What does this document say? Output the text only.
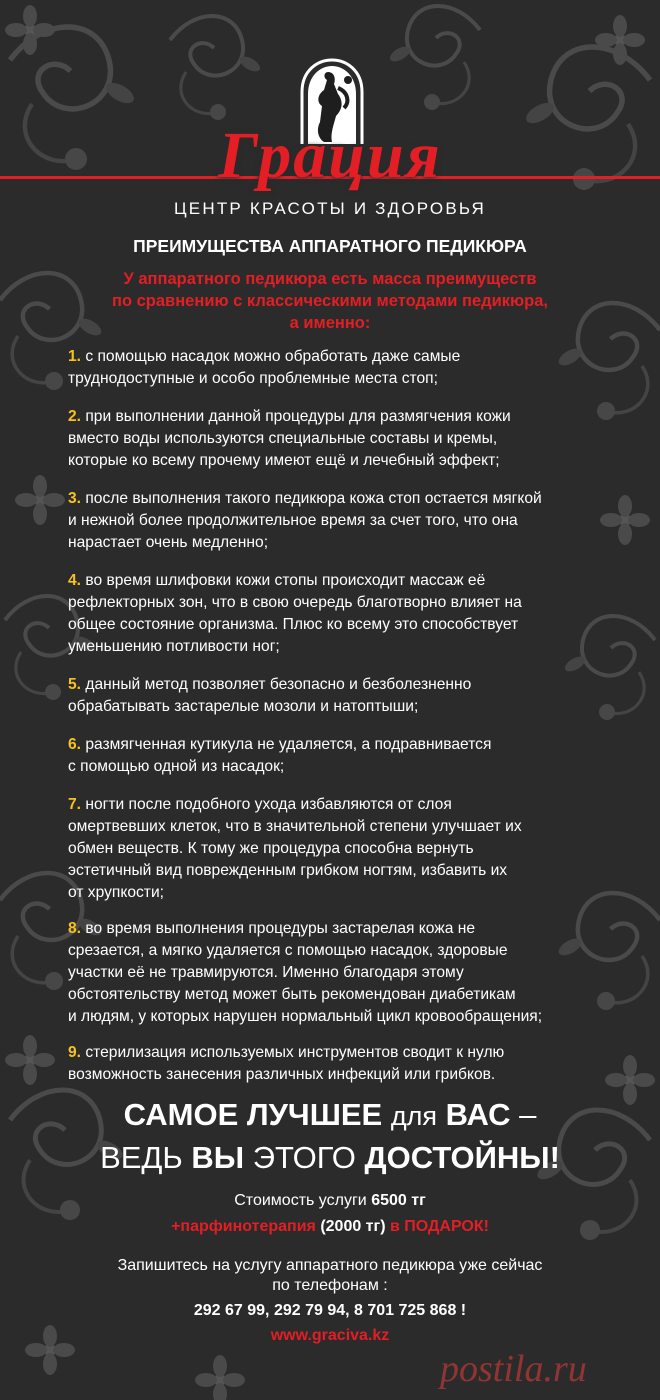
Грация
ЦЕНТР КРАСОТЫ И ЗДОРОВЬЯ
ПРЕИМУЩЕСТВА АППАРАТНОГО ПЕДИКЮРА
У аппаратного педикюра есть масса преимуществ
по сравнению с классическими методами педикюра,
а именно:
1. с помощью насадок можно обработать даже самые
труднодоступные и особо проблемные места стоп;
2. при выполнении данной процедуры для размягчения кожи
вместо воды используются специальные составы и кремы,
которые ко всему прочему имеют ещё и лечебный эффект;
3. после выполнения такого педикюра кожа стоп остается мягкой
и нежной более продолжительное время за счет того, что она
нарастает очень медленно;
4. во время шлифовки кожи стопы происходит массаж её
рефлекторных зон, что в свою очередь благотворно влияет на
общее состояние организма. Плюс ко всему это способствует
уменьшению потливости ног;
5. данный метод позволяет безопасно и безболезненно
обрабатывать застарелые мозоли и натоптыши;
6. размягченная кутикула не удаляется, а подравнивается
с помощью одной из насадок;
7. ногти после подобного ухода избавляются от слоя
омертвевших клеток, что в значительной степени улучшает их
обмен веществ. К тому же процедура способна вернуть
эстетичный вид поврежденным грибком ногтям, избавить их
от хрупкости;
8. во время выполнения процедуры застарелая кожа не
срезается, а мягко удаляется с помощью насадок, здоровые
участки её не травмируются. Именно благодаря этому
обстоятельству метод может быть рекомендован диабетикам
и людям, у которых нарушен нормальный цикл кровообращения;
9. стерилизация используемых инструментов сводит к нулю
возможность занесения различных инфекций или грибков.
САМОЕ ЛУЧШЕЕ для ВАС –
ВЕДЬ ВЫ ЭТОГО ДОСТОЙНЫ!
Стоимость услуги 6500 тг
+парфинотерапия (2000 тг) в ПОДАРОК!
Запишитесь на услугу аппаратного педикюра уже сейчас
по телефонам :
292 67 99, 292 79 94, 8 701 725 868 !
www.graciva.kz
postila.ru
